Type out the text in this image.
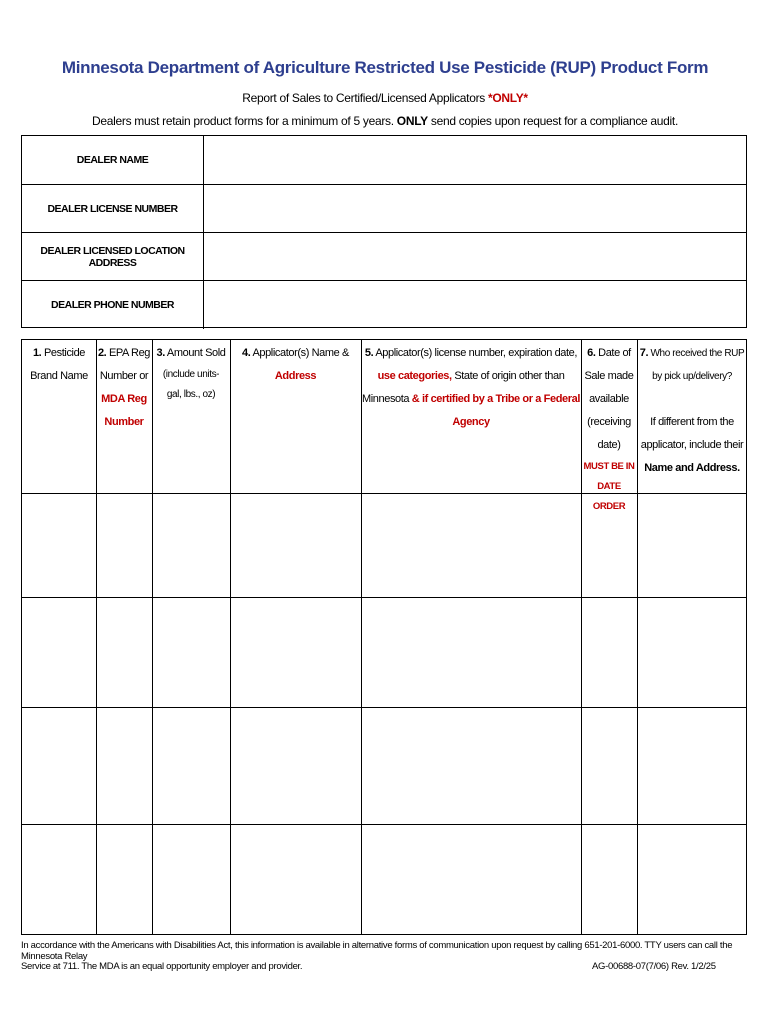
Minnesota Department of Agriculture Restricted Use Pesticide (RUP) Product Form
Report of Sales to Certified/Licensed Applicators *ONLY*
Dealers must retain product forms for a minimum of 5 years. ONLY send copies upon request for a compliance audit.
DEALER NAME
DEALER LICENSE NUMBER
DEALER LICENSED LOCATION ADDRESS
DEALER PHONE NUMBER
1. Pesticide
Brand Name
2. EPA Reg
Number or
MDA Reg
Number
3. Amount Sold
(include units-
gal, lbs., oz)
4. Applicator(s) Name &
Address
5. Applicator(s) license number, expiration date,
use categories, State of origin other than
Minnesota & if certified by a Tribe or a Federal
Agency
6. Date of
Sale made
available
(receiving
date)
MUST BE IN
DATE ORDER
7. Who received the RUP
by pick up/delivery?
If different from the
applicator, include their
Name and Address.
In accordance with the Americans with Disabilities Act, this information is available in alternative forms of communication upon request by calling 651-201-6000. TTY users can call the Minnesota Relay
Service at 711. The MDA is an equal opportunity employer and provider.	AG-00688-07(7/06) Rev. 1/2/25
